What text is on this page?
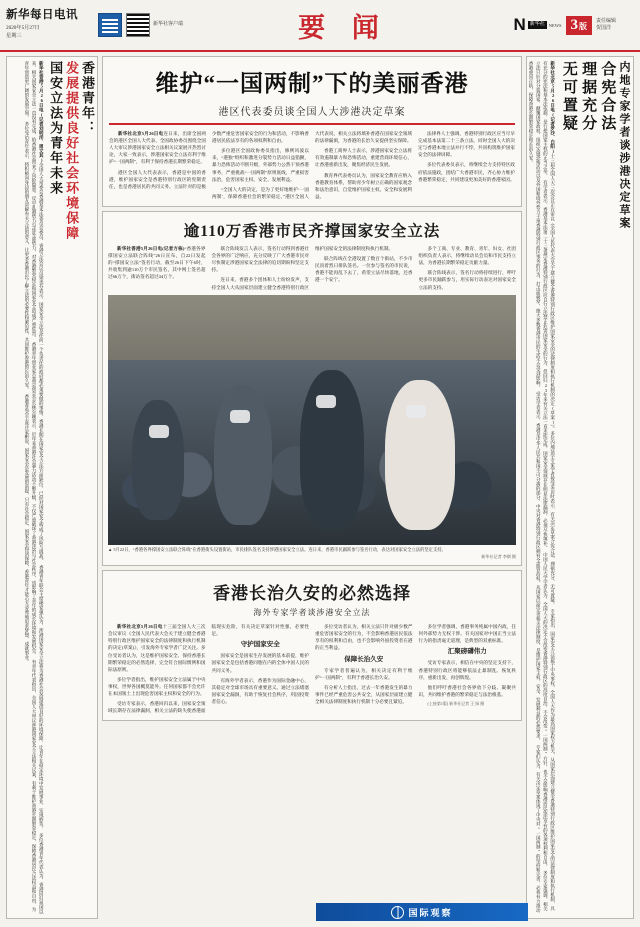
新华每日电讯
2020年5月27日
星期三
新华社客户端	要 闻	N 新华社 NEWS 3 版
责任编辑
贺国洋
香港青年：
发展提供良好社会环境保障
国安立法为青年未来
新华社香港5月26日电(记者刘明洋、周文其)全国人大常委会香港基本法委员会委员、香港立法会议员梁美芬表示，国家安全立法是任何一个负责任的政府都必须要做的事情，香港长期在国家安全立法方面缺位，已经对国家安全构成了风险与挑战。　香港青年联会主席楼家强认为，涉港国家安全立法将为香港社会发展提供良好的环境保障，让青年在稳定环境中发展事业、实现抱负。　多位香港青年代表认为，香港回归祖国以来，相关国家安全立法一直没有完成，给香港社会带来了风险隐患。反中乱港势力勾连外部势力，对香港繁荣稳定和国家安全造成严重危害。　香港青年创业家总商会创会会长林至颖表示，近年来香港社会暴力活动不断升级，不仅严重破坏了香港法治与社会秩序，也影响了青年的成长环境和发展机会。　有青年代表指出，全国人大审议涉港国家安全立法相关议案，有利于维护香港长期繁荣稳定，保障香港居民合法权益和自由，为青年创造更广阔的发展空间。　多位受访青年表示，将积极向身边的朋友讲解有关立法的意义，让更多香港市民了解立法的必要性和紧迫性，共同维护香港的长治久安。　香港菁英会主席庄家彬说，国家安全是发展的前提，只有社会稳定、国家安全得到保障，香港青年才能心无旁骛地追求梦想、成就事业。
维护“一国两制”下的美丽香港
港区代表委员谈全国人大涉港决定草案

新华社北京5月26日电连日来，出席全国两会的港区全国人大代表、全国政协委员围绕全国人大审议涉港国家安全立法相关议案展开热烈讨论，大家一致表示，涉港国家安全立法有利于维护“一国两制”，有利于保持香港长期繁荣稳定。

港区全国人大代表表示，香港是中国的香港，维护国家安全是香港特别行政区的宪制责任，也是香港居民的共同义务。立法针对的是极少数严重危害国家安全的行为和活动，不影响香港居民依法享有的各项权利和自由。

多位港区全国政协委员指出，修例风波以来，“港独”组织和激进分裂势力活动日益猖獗，暴力恐怖活动不断升级，外部势力公然干预香港事务，严重挑战“一国两制”原则底线，严重损害法治，危害国家主权、安全、发展利益。

“全国人大的决定，是为了更好地维护‘一国两制’，保障香港社会的繁荣稳定。”港区全国人大代表说，相关立法将填补香港在国家安全领域的法律漏洞，为香港的长治久安提供坚实保障。

香港工商界人士表示，涉港国家安全立法将有效遏制暴力和恐怖活动，重建营商环境信心，让香港重新出发，聚焦经济民生发展。

教育界代表委员认为，国家安全教育应纳入香港教育体系，帮助青少年树立正确的国家观念和法治意识，自觉维护国家主权、安全和发展利益。

法律界人士强调，香港特别行政区应当尽早完成基本法第二十三条立法，同时全国人大的决定与香港本地立法并行不悖，共同构筑维护国家安全的法律屏障。

多位代表委员表示，将继续全力支持特区政府依法施政，团结广大香港市民，齐心协力维护香港繁荣稳定，共同建设更加美好的香港家园。

逾110万香港市民齐撑国家安全立法

新华社香港5月26日电(记者方栋)“香港各界撑国安立法联合阵线”26日宣布，自22日发起的“撑国安立法”签名行动，截至26日下午6时，共收集到逾110万个市民签名，其中网上签名超过66万个，街站签名超过44万个。

联合阵线发言人表示，签名行动得到香港社会各界的广泛响应，充分反映了广大香港市民对尽快制定涉港国家安全法律的迫切期盼和坚定支持。

连日来，香港多个团体和人士纷纷发声，支持全国人大从国家层面建立健全香港特别行政区维护国家安全的法律制度和执行机制。

联合阵线在全港设置了数百个街站，不少市民顶着烈日排队签名。一位参与签名的市民说，香港不能再乱下去了，希望立法尽快落地，还香港一个安宁。

多个工商、专业、教育、青年、妇女、社团组织负责人表示，将继续动员会员和市民支持立法，为香港长期繁荣稳定贡献力量。

联合阵线表示，签名行动将持续进行，呼吁更多市民踊跃参与，用实际行动表达对国家安全立法的支持。

▲ 5月22日，“香港各界撑国安立法联合阵线”在香港街头设置街站，市民排队签名支持涉港国家安全立法。连日来，香港市民踊跃参与签名行动，表达对国家安全立法的坚定支持。
新华社记者 李钢 摄
香港长治久安的必然选择
海外专家学者谈涉港安全立法

新华社北京5月26日电十三届全国人大三次会议审议《全国人民代表大会关于建立健全香港特别行政区维护国家安全的法律制度和执行机制的决定(草案)》，引发海外专家学者广泛关注。多位受访者认为，这是维护国家安全、保持香港长期繁荣稳定的必然选择，完全符合国际惯例和国际法原则。

多位学者指出，维护国家安全立法属于中央事权，世界各国概莫能外。任何国家都不会允许在本国领土上出现危害国家主权和安全的行为。

受访专家表示，香港回归以来，国家安全领域长期存在法律漏洞，相关立法的缺失使香港面临现实危险，有关决定草案针对性强、必要性足。

守护国家安全

国家安全是国家生存发展的基本前提，维护国家安全是包括香港同胞在内的全体中国人民的共同义务。

有海外学者表示，香港作为国际金融中心，其稳定对全球市场具有重要意义。通过立法堵塞国家安全漏洞，有助于恢复社会秩序，巩固投资者信心。

多位受访者认为，相关立法只针对极少数严重危害国家安全的行为，不会影响香港居民依法享有的权利和自由，也不会影响外国投资者在港的正当利益。

保障长治久安

专家学者普遍认为，相关决定有利于维护“一国两制”，有利于香港长治久安。

有分析人士指出，过去一年香港发生的暴力事件已经严重危害公共安全，从国家层面建立健全相关法律制度和执行机制十分必要且紧迫。

多位学者强调，香港事务纯属中国内政，任何外部势力无权干涉。有关国家对中国正当立法行为的指责毫无道理，是典型的双重标准。

汇聚磅礴伟力

受访专家表示，相信在中央的坚定支持下，香港特别行政区将能够依法止暴制乱、恢复秩序，重新出发，再创辉煌。

他们呼吁香港社会各界放下分歧、凝聚共识，共同维护香港的繁荣稳定与法治根基。

(上接第1版) 新华社记者 王 绿 摄

内地专家学者谈涉港决定草案
合宪合法
理据充分
无可置疑
新华社北京5月26日电(记者罗沙、白阳)十三届全国人大三次会议正在审议《全国人民代表大会关于建立健全香港特别行政区维护国家安全的法律制度和执行机制的决定(草案)》。多位内地法学专家学者接受采访时表示，有关决定草案合宪合法、理据充分、无可置疑。　专家指出，国家安全立法属于中央事权。全国人大作为最高国家权力机关，从国家层面建立健全香港特别行政区维护国家安全的法律制度和执行机制，具有充分的宪法和基本法依据，是行使国家主权的正当之举。　有学者表示，香港基本法第二十三条规定香港特别行政区应自行立法禁止危害国家安全的行为，但回归23年来有关立法一直未能完成，国家安全领域存在明显法律漏洞，必须尽快填补。　中国人民大学学者认为，全国人大的决定不会改变香港特别行政区的高度自治，不会改变“一国两制”方针，也不会影响香港居民依法享有的各项权利和自由。　多位专家强调，相关立法只针对分裂国家、颠覆国家政权、组织实施恐怖活动以及外国和境外势力干预香港特别行政区事务的行为，打击面极窄，绝大多数香港市民的生活不会受到影响。　受访学者表示，香港是中华人民共和国不可分离的部分，中央对香港特别行政区拥有全面管治权。从国家层面完善相关法律制度，是维护国家主权、安全、发展利益的必然要求。　专家们认为，有关决定草案体现了中央对“一国两制”的坚持和完善，必将有力推动香港重回正轨，保障香港长期繁荣稳定和长治久安。
国际观察
